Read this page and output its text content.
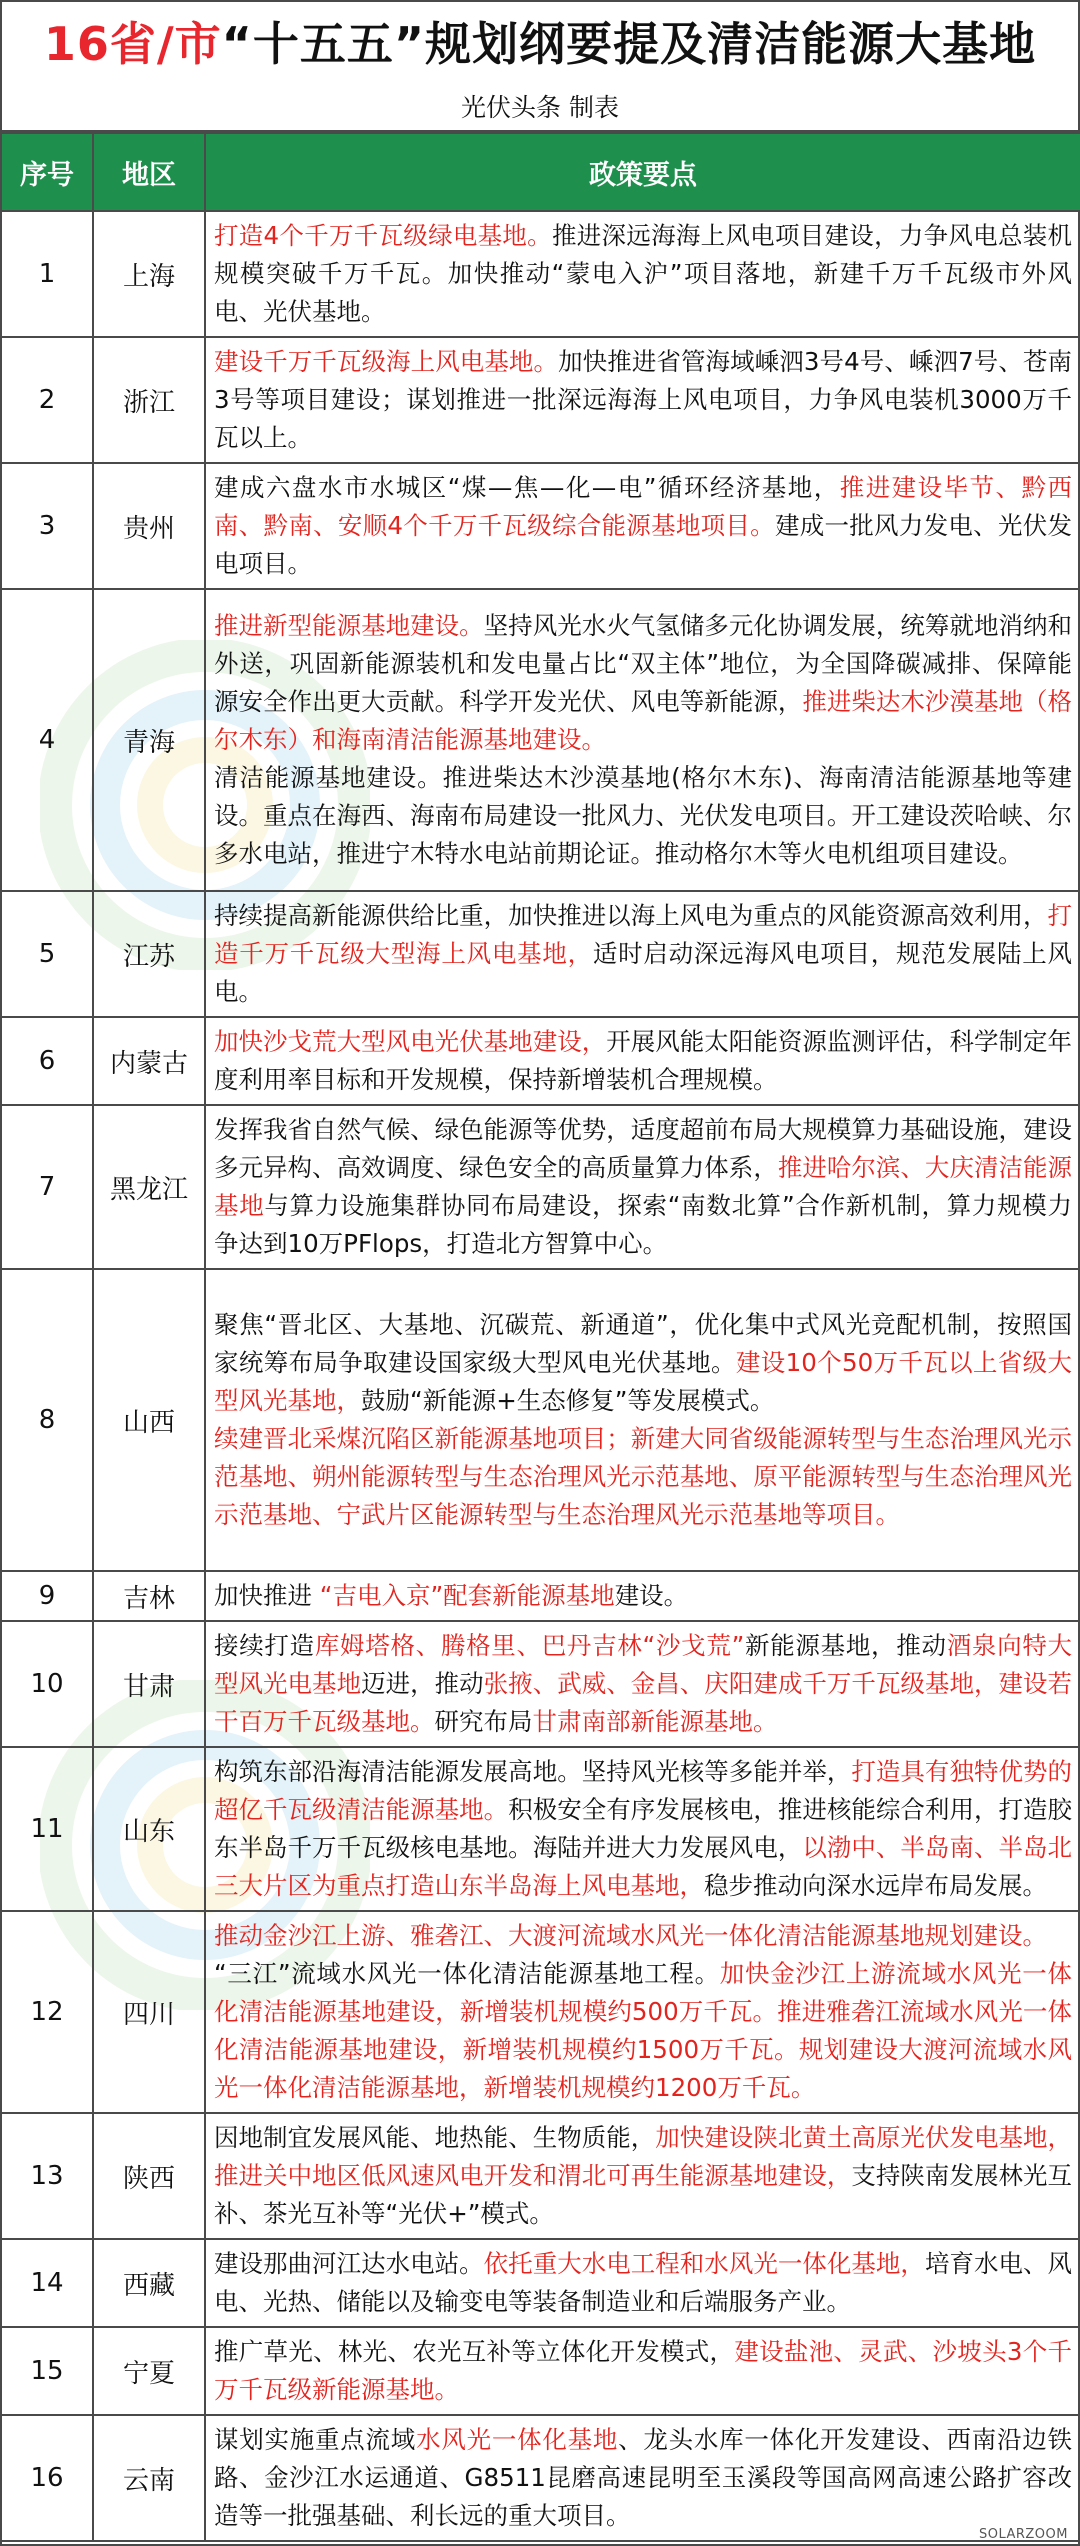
16省/市 “十五五”规划纲要提及清洁能源大基地
光伏头条 制表
序号	地区	政策要点
1	上海	打造4个千万千瓦级绿电基地。推进深远海海上风电项目建设，力争风电总装机规模突破千万千瓦。加快推动“蒙电入沪”项目落地，新建千万千瓦级市外风电、光伏基地。

2	浙江	建设千万千瓦级海上风电基地。加快推进省管海域嵊泗3号4号、嵊泗7号、苍南3号等项目建设；谋划推进一批深远海海上风电项目，力争风电装机3000万千瓦以上。

3	贵州	建成六盘水市水城区“煤—焦—化—电”循环经济基地，推进建设毕节、黔西南、黔南、安顺4个千万千瓦级综合能源基地项目。建成一批风力发电、光伏发电项目。

4	青海	推进新型能源基地建设。坚持风光水火气氢储多元化协调发展，统筹就地消纳和外送，巩固新能源装机和发电量占比“双主体”地位，为全国降碳减排、保障能源安全作出更大贡献。科学开发光伏、风电等新能源，推进柴达木沙漠基地（格尔木东）和海南清洁能源基地建设。
清洁能源基地建设。推进柴达木沙漠基地(格尔木东)、海南清洁能源基地等建设。重点在海西、海南布局建设一批风力、光伏发电项目。开工建设茨哈峡、尔多水电站，推进宁木特水电站前期论证。推动格尔木等火电机组项目建设。

5	江苏	持续提高新能源供给比重，加快推进以海上风电为重点的风能资源高效利用，打造千万千瓦级大型海上风电基地，适时启动深远海风电项目，规范发展陆上风电。

6	内蒙古	加快沙戈荒大型风电光伏基地建设，开展风能太阳能资源监测评估，科学制定年度利用率目标和开发规模，保持新增装机合理规模。

7	黑龙江	发挥我省自然气候、绿色能源等优势，适度超前布局大规模算力基础设施，建设多元异构、高效调度、绿色安全的高质量算力体系，推进哈尔滨、大庆清洁能源基地与算力设施集群协同布局建设，探索“南数北算”合作新机制，算力规模力争达到10万PFlops，打造北方智算中心。

8	山西	聚焦“晋北区、大基地、沉碳荒、新通道”，优化集中式风光竞配机制，按照国家统筹布局争取建设国家级大型风电光伏基地。建设10个50万千瓦以上省级大型风光基地，鼓励“新能源+生态修复”等发展模式。
续建晋北采煤沉陷区新能源基地项目；新建大同省级能源转型与生态治理风光示范基地、朔州能源转型与生态治理风光示范基地、原平能源转型与生态治理风光示范基地、宁武片区能源转型与生态治理风光示范基地等项目。

9	吉林	加快推进 “吉电入京”配套新能源基地建设。

10	甘肃	接续打造库姆塔格、腾格里、巴丹吉林“沙戈荒”新能源基地，推动酒泉向特大型风光电基地迈进，推动张掖、武威、金昌、庆阳建成千万千瓦级基地，建设若干百万千瓦级基地。研究布局甘肃南部新能源基地。

11	山东	构筑东部沿海清洁能源发展高地。坚持风光核等多能并举，打造具有独特优势的超亿千瓦级清洁能源基地。积极安全有序发展核电，推进核能综合利用，打造胶东半岛千万千瓦级核电基地。海陆并进大力发展风电，以渤中、半岛南、半岛北三大片区为重点打造山东半岛海上风电基地，稳步推动向深水远岸布局发展。

12	四川	推动金沙江上游、雅砻江、大渡河流域水风光一体化清洁能源基地规划建设。
“三江”流域水风光一体化清洁能源基地工程。加快金沙江上游流域水风光一体化清洁能源基地建设，新增装机规模约500万千瓦。推进雅砻江流域水风光一体化清洁能源基地建设，新增装机规模约1500万千瓦。规划建设大渡河流域水风光一体化清洁能源基地，新增装机规模约1200万千瓦。

13	陕西	因地制宜发展风能、地热能、生物质能，加快建设陕北黄土高原光伏发电基地，推进关中地区低风速风电开发和渭北可再生能源基地建设，支持陕南发展林光互补、茶光互补等“光伏+”模式。

14	西藏	建设那曲河江达水电站。依托重大水电工程和水风光一体化基地，培育水电、风电、光热、储能以及输变电等装备制造业和后端服务产业。

15	宁夏	推广草光、林光、农光互补等立体化开发模式，建设盐池、灵武、沙坡头3个千万千瓦级新能源基地。

16	云南	谋划实施重点流域水风光一体化基地、龙头水库一体化开发建设、西南沿边铁路、金沙江水运通道、G8511昆磨高速昆明至玉溪段等国高网高速公路扩容改造等一批强基础、利长远的重大项目。
SOLARZOOM
